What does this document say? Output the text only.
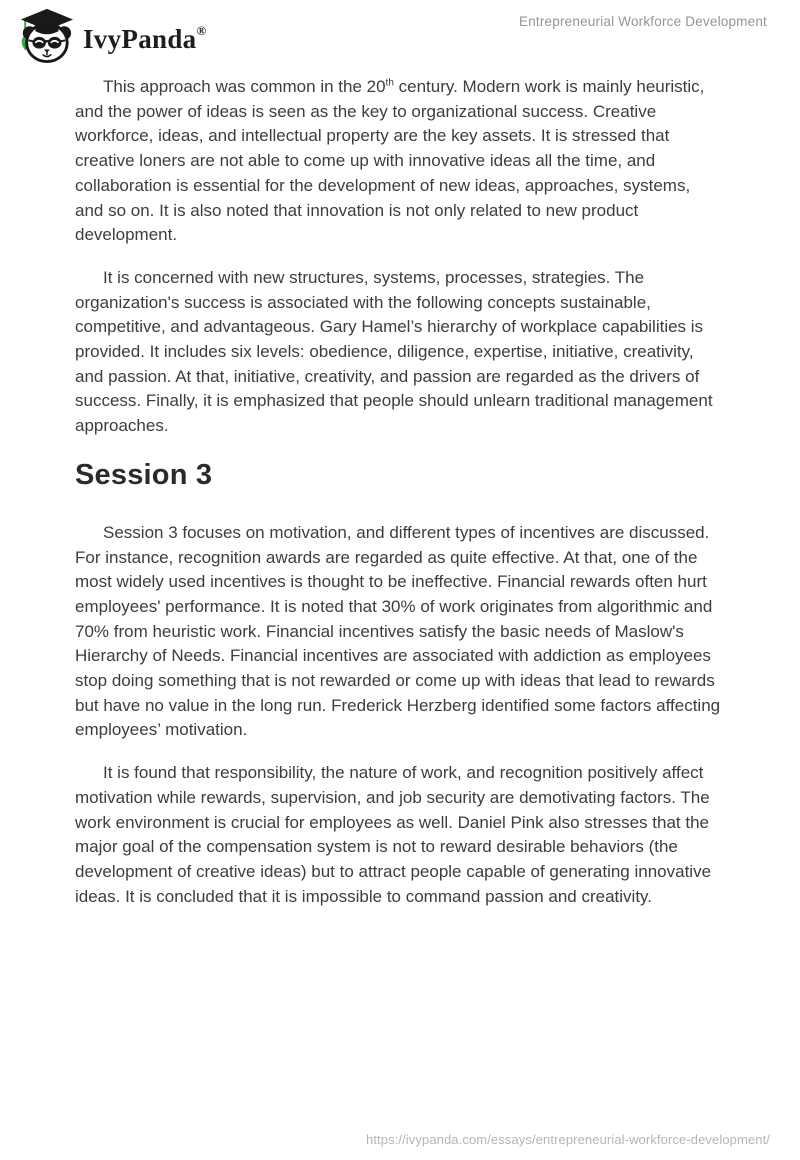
IvyPanda®
Entrepreneurial Workforce Development

This approach was common in the 20th century. Modern work is mainly heuristic, and the power of ideas is seen as the key to organizational success. Creative workforce, ideas, and intellectual property are the key assets. It is stressed that creative loners are not able to come up with innovative ideas all the time, and collaboration is essential for the development of new ideas, approaches, systems, and so on. It is also noted that innovation is not only related to new product development.

It is concerned with new structures, systems, processes, strategies. The organization's success is associated with the following concepts sustainable, competitive, and advantageous. Gary Hamel’s hierarchy of workplace capabilities is provided. It includes six levels: obedience, diligence, expertise, initiative, creativity, and passion. At that, initiative, creativity, and passion are regarded as the drivers of success. Finally, it is emphasized that people should unlearn traditional management approaches.

Session 3

Session 3 focuses on motivation, and different types of incentives are discussed. For instance, recognition awards are regarded as quite effective. At that, one of the most widely used incentives is thought to be ineffective. Financial rewards often hurt employees' performance. It is noted that 30% of work originates from algorithmic and 70% from heuristic work. Financial incentives satisfy the basic needs of Maslow's Hierarchy of Needs. Financial incentives are associated with addiction as employees stop doing something that is not rewarded or come up with ideas that lead to rewards but have no value in the long run. Frederick Herzberg identified some factors affecting employees’ motivation.

It is found that responsibility, the nature of work, and recognition positively affect motivation while rewards, supervision, and job security are demotivating factors. The work environment is crucial for employees as well. Daniel Pink also stresses that the major goal of the compensation system is not to reward desirable behaviors (the development of creative ideas) but to attract people capable of generating innovative ideas. It is concluded that it is impossible to command passion and creativity.

https://ivypanda.com/essays/entrepreneurial-workforce-development/
